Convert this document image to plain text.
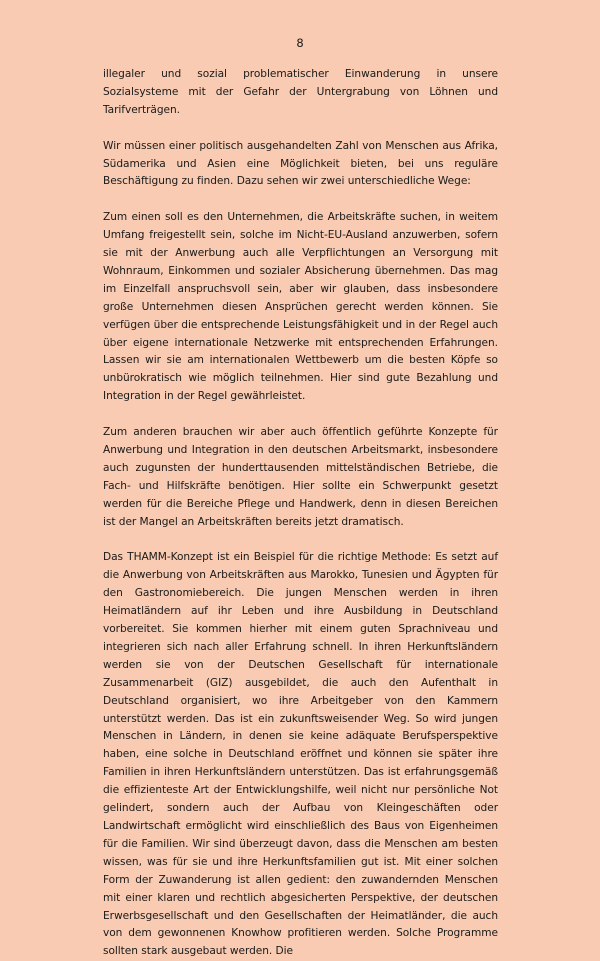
8

illegaler und sozial problematischer Einwanderung in unsere Sozialsysteme mit der Gefahr der Untergrabung von Löhnen und Tarifverträgen.

Wir müssen einer politisch ausgehandelten Zahl von Menschen aus Afrika, Südamerika und Asien eine Möglichkeit bieten, bei uns reguläre Beschäftigung zu finden. Dazu sehen wir zwei unterschiedliche Wege:

Zum einen soll es den Unternehmen, die Arbeitskräfte suchen, in weitem Umfang freigestellt sein, solche im Nicht-EU-Ausland anzuwerben, sofern sie mit der Anwerbung auch alle Verpflichtungen an Versorgung mit Wohnraum, Einkommen und sozialer Absicherung übernehmen. Das mag im Einzelfall anspruchsvoll sein, aber wir glauben, dass insbesondere große Unternehmen diesen Ansprüchen gerecht werden können. Sie verfügen über die entsprechende Leistungsfähigkeit und in der Regel auch über eigene internationale Netzwerke mit entsprechenden Erfahrungen. Lassen wir sie am internationalen Wettbewerb um die besten Köpfe so unbürokratisch wie möglich teilnehmen. Hier sind gute Bezahlung und Integration in der Regel gewährleistet.

Zum anderen brauchen wir aber auch öffentlich geführte Konzepte für Anwerbung und Integration in den deutschen Arbeitsmarkt, insbesondere auch zugunsten der hunderttausenden mittelständischen Betriebe, die Fach- und Hilfskräfte benötigen. Hier sollte ein Schwerpunkt gesetzt werden für die Bereiche Pflege und Handwerk, denn in diesen Bereichen ist der Mangel an Arbeitskräften bereits jetzt dramatisch.

Das THAMM-Konzept ist ein Beispiel für die richtige Methode: Es setzt auf die Anwerbung von Arbeitskräften aus Marokko, Tunesien und Ägypten für den Gastronomiebereich. Die jungen Menschen werden in ihren Heimatländern auf ihr Leben und ihre Ausbildung in Deutschland vorbereitet. Sie kommen hierher mit einem guten Sprachniveau und integrieren sich nach aller Erfahrung schnell. In ihren Herkunftsländern werden sie von der Deutschen Gesellschaft für internationale Zusammenarbeit (GIZ) ausgebildet, die auch den Aufenthalt in Deutschland organisiert, wo ihre Arbeitgeber von den Kammern unterstützt werden. Das ist ein zukunftsweisender Weg. So wird jungen Menschen in Ländern, in denen sie keine adäquate Berufsperspektive haben, eine solche in Deutschland eröffnet und können sie später ihre Familien in ihren Herkunftsländern unterstützen. Das ist erfahrungsgemäß die effizienteste Art der Entwicklungshilfe, weil nicht nur persönliche Not gelindert, sondern auch der Aufbau von Kleingeschäften oder Landwirtschaft ermöglicht wird einschließlich des Baus von Eigenheimen für die Familien. Wir sind überzeugt davon, dass die Menschen am besten wissen, was für sie und ihre Herkunftsfamilien gut ist. Mit einer solchen Form der Zuwanderung ist allen gedient: den zuwandernden Menschen mit einer klaren und rechtlich abgesicherten Perspektive, der deutschen Erwerbsgesellschaft und den Gesellschaften der Heimatländer, die auch von dem gewonnenen Knowhow profitieren werden. Solche Programme sollten stark ausgebaut werden. Die
